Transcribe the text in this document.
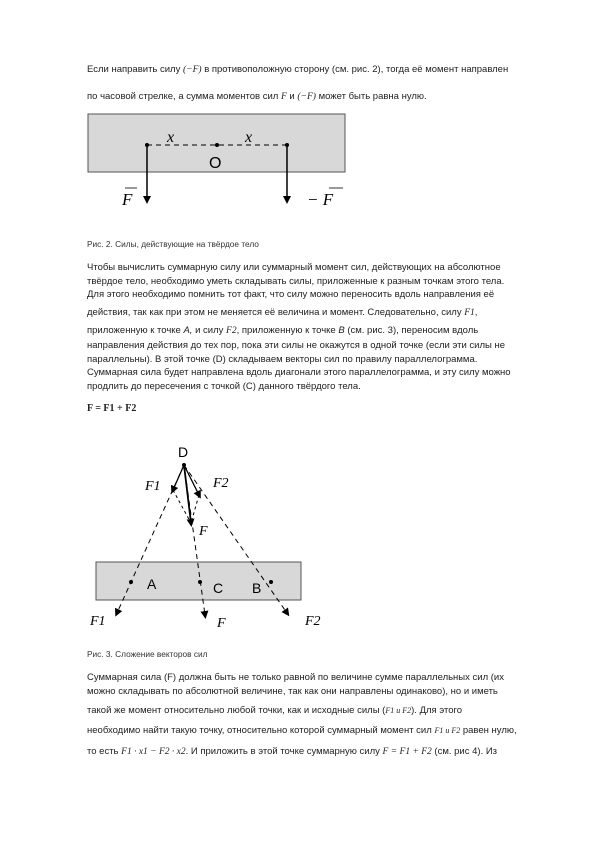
Если направить силу (−F) в противоположную сторону (см. рис. 2), тогда её момент направлен
по часовой стрелке, а сумма моментов сил F и (−F) может быть равна нулю.
x	x
O
F	− F
Рис. 2. Силы, действующие на твёрдое тело
Чтобы вычислить суммарную силу или суммарный момент сил, действующих на абсолютное
твёрдое тело, необходимо уметь складывать силы, приложенные к разным точкам этого тела.
Для этого необходимо помнить тот факт, что силу можно переносить вдоль направления её
действия, так как при этом не меняется её величина и момент. Следовательно, силу F1,
приложенную к точке A, и силу F2, приложенную к точке B (см. рис. 3), переносим вдоль
направления действия до тех пор, пока эти силы не окажутся в одной точке (если эти силы не
параллельны). В этой точке (D) складываем векторы сил по правилу параллелограмма.
Суммарная сила будет направлена вдоль диагонали этого параллелограмма, и эту силу можно
продлить до пересечения с точкой (C) данного твёрдого тела.
F = F1 + F2
D
F1	F2
F
A	C B
F1	F	F2
Рис. 3. Сложение векторов сил
Суммарная сила (F) должна быть не только равной по величине сумме параллельных сил (их
можно складывать по абсолютной величине, так как они направлены одинаково), но и иметь
такой же момент относительно любой точки, как и исходные силы (F1 и F2). Для этого
необходимо найти такую точку, относительно которой суммарный момент сил F1 и F2 равен нулю,
то есть F1 · x1 − F2 · x2. И приложить в этой точке суммарную силу F = F1 + F2 (см. рис 4). Из
